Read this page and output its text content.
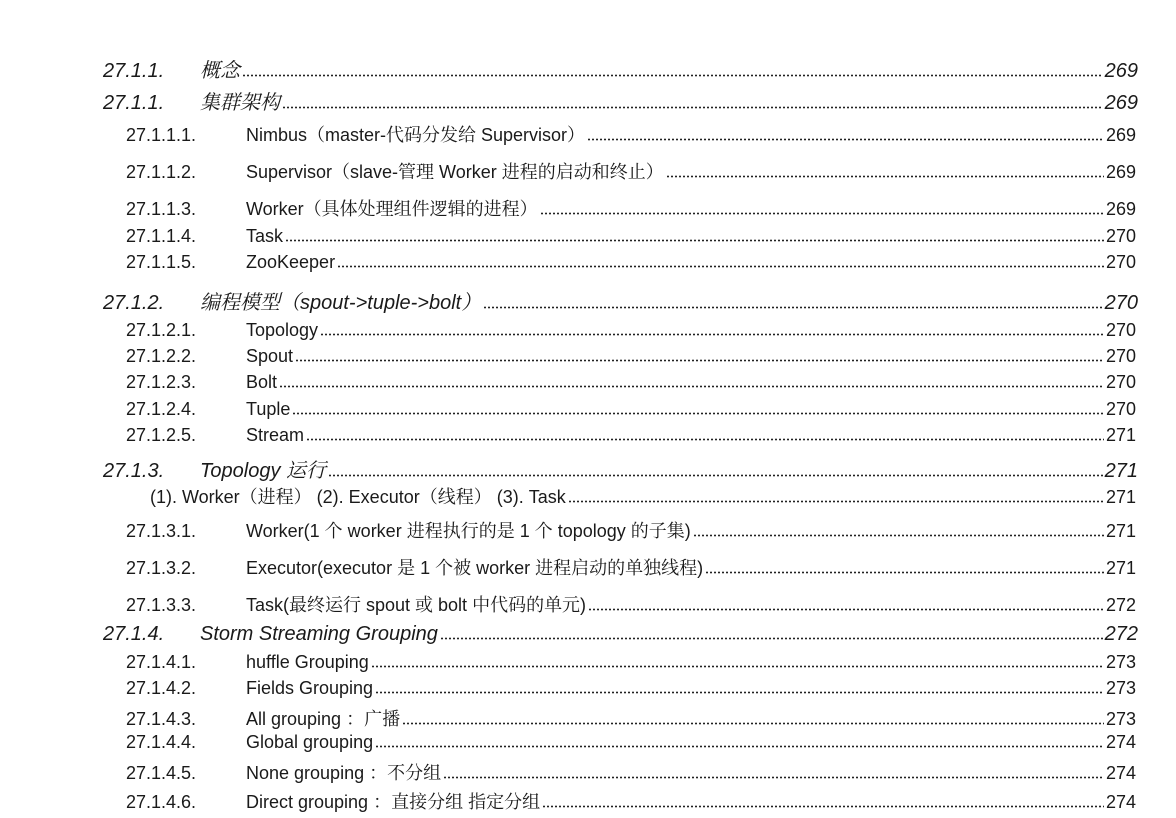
27.1.1.	概念	269
27.1.1.	集群架构	269
27.1.1.1.	Nimbus（master-代码分发给 Supervisor）	269
27.1.1.2.	Supervisor（slave-管理 Worker 进程的启动和终止）	269
27.1.1.3.	Worker（具体处理组件逻辑的进程）	269
27.1.1.4.	Task	270
27.1.1.5.	ZooKeeper	270
27.1.2.	编程模型（spout->tuple->bolt）	270
27.1.2.1.	Topology	270
27.1.2.2.	Spout	270
27.1.2.3.	Bolt	270
27.1.2.4.	Tuple	270
27.1.2.5.	Stream	271
27.1.3.	Topology 运行	271
(1). Worker（进程） (2). Executor（线程） (3). Task	271
27.1.3.1.	Worker(1 个 worker 进程执行的是 1 个 topology 的子集)	271
27.1.3.2.	Executor(executor 是 1 个被 worker 进程启动的单独线程)	271
27.1.3.3.	Task(最终运行 spout 或 bolt 中代码的单元)	272
27.1.4.	Storm Streaming Grouping	272
27.1.4.1.	huffle Grouping	273
27.1.4.2.	Fields Grouping	273
27.1.4.3.	All grouping ：广播	273
27.1.4.4.	Global grouping	274
27.1.4.5.	None grouping ：不分组	274
27.1.4.6.	Direct grouping ：直接分组 指定分组	274
